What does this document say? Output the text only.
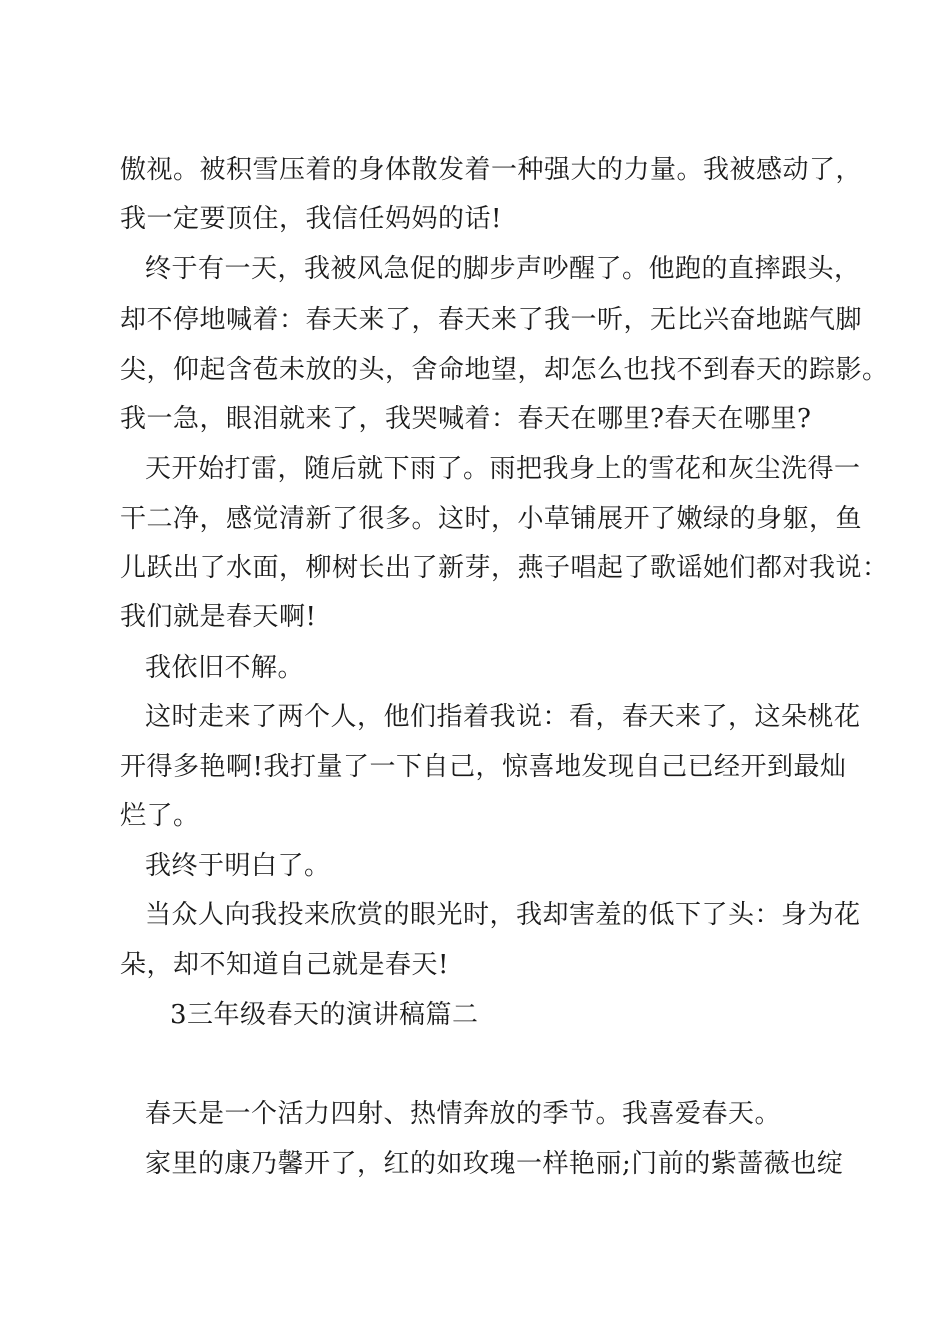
傲视。被积雪压着的身体散发着一种强大的力量。我被感动了，
我一定要顶住，我信任妈妈的话!
终于有一天，我被风急促的脚步声吵醒了。他跑的直摔跟头，
却不停地喊着：春天来了，春天来了我一听，无比兴奋地踮气脚
尖，仰起含苞未放的头，舍命地望，却怎么也找不到春天的踪影。
我一急，眼泪就来了，我哭喊着：春天在哪里?春天在哪里?
天开始打雷，随后就下雨了。雨把我身上的雪花和灰尘洗得一
干二净，感觉清新了很多。这时，小草铺展开了嫩绿的身躯，鱼
儿跃出了水面，柳树长出了新芽，燕子唱起了歌谣她们都对我说：
我们就是春天啊!
我依旧不解。
这时走来了两个人，他们指着我说：看，春天来了，这朵桃花
开得多艳啊!我打量了一下自己，惊喜地发现自己已经开到最灿
烂了。
我终于明白了。
当众人向我投来欣赏的眼光时，我却害羞的低下了头：身为花
朵，却不知道自己就是春天!
3三年级春天的演讲稿篇二
春天是一个活力四射、热情奔放的季节。我喜爱春天。
家里的康乃馨开了，红的如玫瑰一样艳丽;门前的紫蔷薇也绽
